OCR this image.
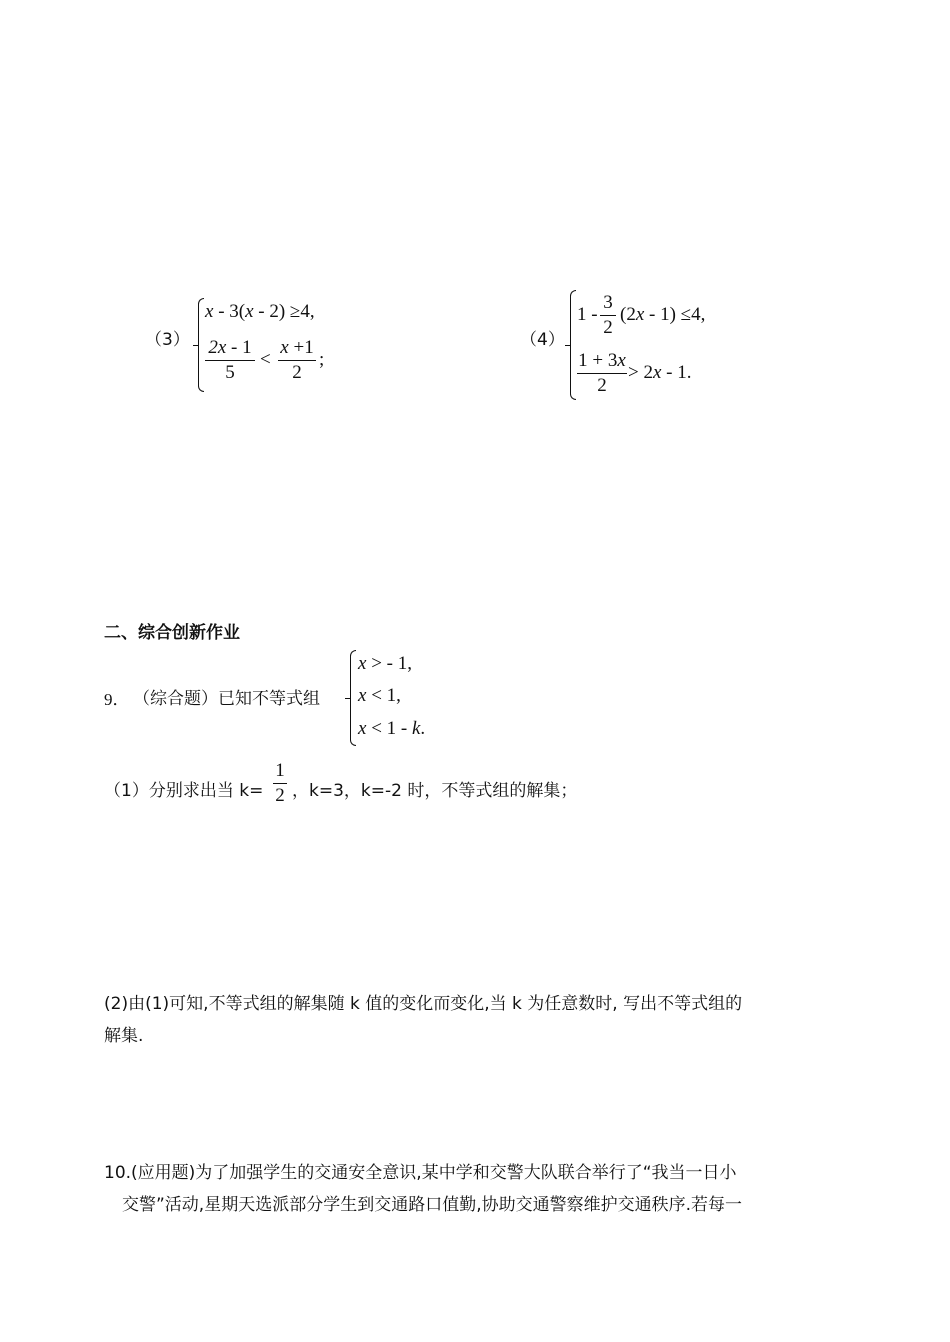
（3）
x - 3(x - 2) ≥4,
2x - 1
5
<
x +1
2
;
（4）
1 -
3
2
(2x - 1) ≤4,
1 + 3x
2
> 2x - 1.
二、综合创新作业
9． （综合题）已知不等式组
x > - 1,
x < 1,
x < 1 - k.
（1）分别求出当 k=
1
2 ，k=3，k=-2 时，不等式组的解集；
(2)由(1)可知,不等式组的解集随 k 值的变化而变化,当 k 为任意数时, 写出不等式组的
解集.
10.(应用题)为了加强学生的交通安全意识,某中学和交警大队联合举行了“我当一日小
交警”活动,星期天选派部分学生到交通路口值勤,协助交通警察维护交通秩序.若每一
